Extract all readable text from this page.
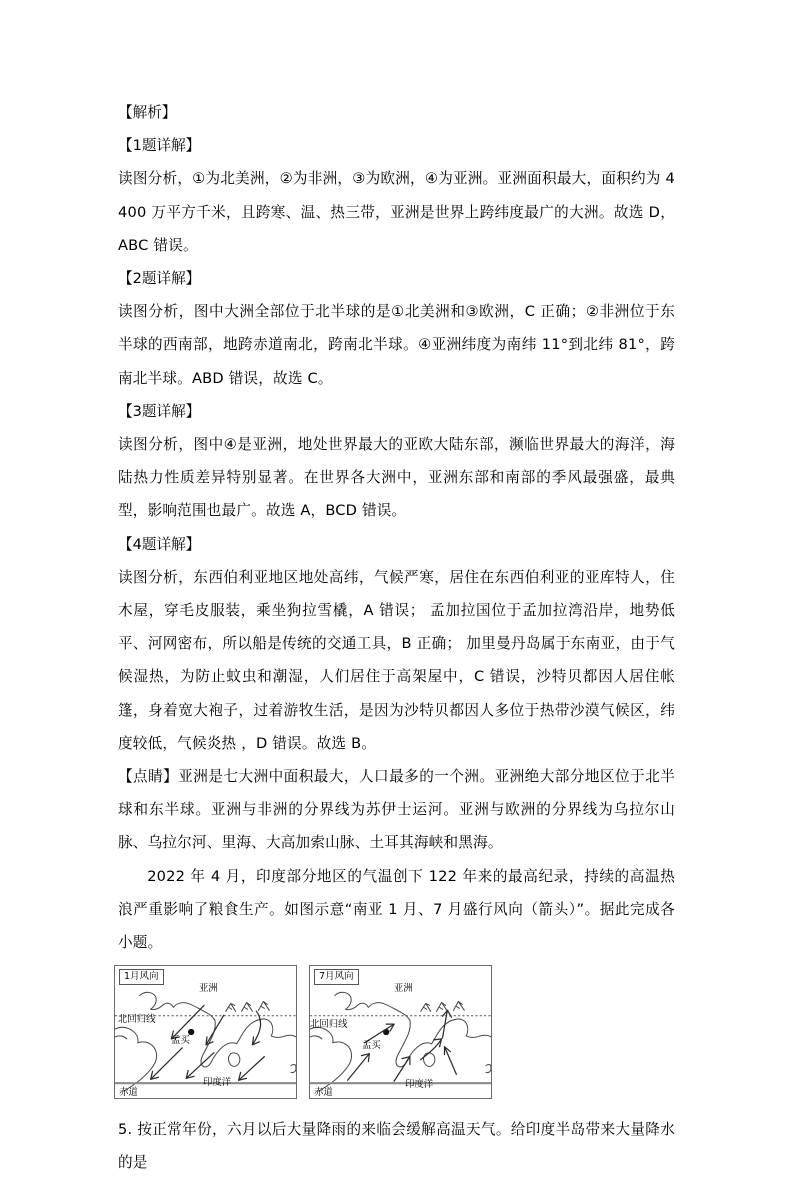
【解析】
【1题详解】

读图分析，①为北美洲，②为非洲，③为欧洲，④为亚洲。亚洲面积最大，面积约为 4400 万平方千米，且跨寒、温、热三带，亚洲是世界上跨纬度最广的大洲。故选 D，ABC 错误。

【2题详解】

读图分析，图中大洲全部位于北半球的是①北美洲和③欧洲，C 正确；②非洲位于东半球的西南部，地跨赤道南北，跨南北半球。④亚洲纬度为南纬 11°到北纬 81°，跨南北半球。ABD 错误，故选 C。

【3题详解】

读图分析，图中④是亚洲，地处世界最大的亚欧大陆东部，濒临世界最大的海洋，海陆热力性质差异特别显著。在世界各大洲中，亚洲东部和南部的季风最强盛，最典型，影响范围也最广。故选 A，BCD 错误。

【4题详解】

读图分析，东西伯利亚地区地处高纬，气候严寒，居住在东西伯利亚的亚库特人，住木屋，穿毛皮服装，乘坐狗拉雪橇，A 错误； 孟加拉国位于孟加拉湾沿岸，地势低平、河网密布，所以船是传统的交通工具，B 正确； 加里曼丹岛属于东南亚，由于气候湿热，为防止蚊虫和潮湿，人们居住于高架屋中，C 错误，沙特贝都因人居住帐篷，身着宽大袍子，过着游牧生活，是因为沙特贝都因人多位于热带沙漠气候区，纬度较低，气候炎热 ，D 错误。故选 B。

【点睛】亚洲是七大洲中面积最大，人口最多的一个洲。亚洲绝大部分地区位于北半球和东半球。亚洲与非洲的分界线为苏伊士运河。亚洲与欧洲的分界线为乌拉尔山脉、乌拉尔河、里海、大高加索山脉、土耳其海峡和黑海。

2022 年 4 月，印度部分地区的气温创下 122 年来的最高纪录，持续的高温热浪严重影响了粮食生产。如图示意“南亚 1 月、7 月盛行风向（箭头）”。据此完成各小题。

1月风向
亚洲
北回归线
孟买
印度洋
赤道
7月风向
亚洲
北回归线
孟买
印度洋
赤道

5. 按正常年份，六月以后大量降雨的来临会缓解高温天气。给印度半岛带来大量降水的是
